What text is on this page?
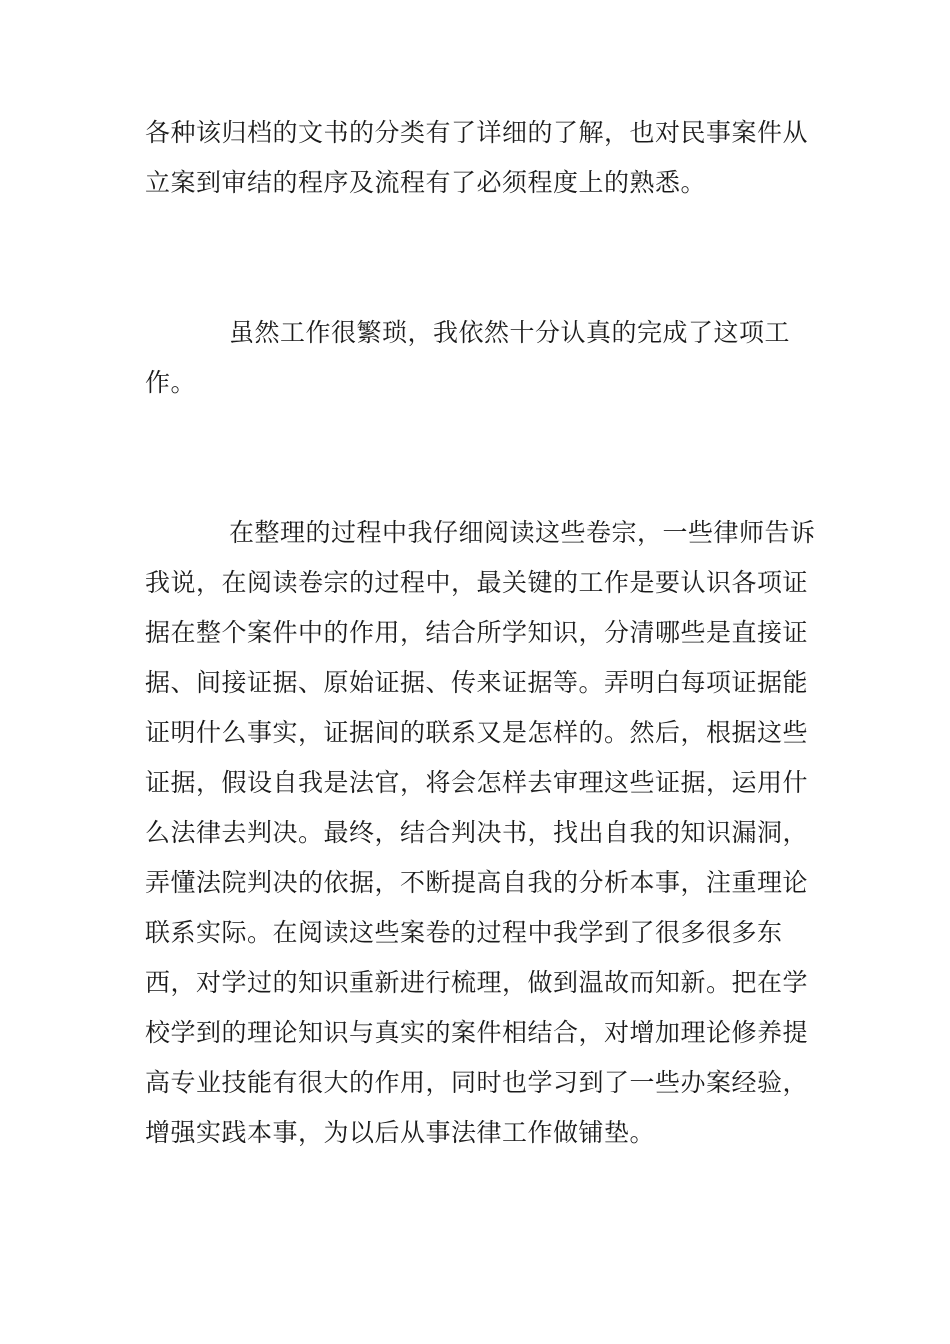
各种该归档的文书的分类有了详细的了解，也对民事案件从
立案到审结的程序及流程有了必须程度上的熟悉。
虽然工作很繁琐，我依然十分认真的完成了这项工
作。
在整理的过程中我仔细阅读这些卷宗，一些律师告诉
我说，在阅读卷宗的过程中，最关键的工作是要认识各项证
据在整个案件中的作用，结合所学知识，分清哪些是直接证
据、间接证据、原始证据、传来证据等。弄明白每项证据能
证明什么事实，证据间的联系又是怎样的。然后，根据这些
证据，假设自我是法官，将会怎样去审理这些证据，运用什
么法律去判决。最终，结合判决书，找出自我的知识漏洞，
弄懂法院判决的依据，不断提高自我的分析本事，注重理论
联系实际。在阅读这些案卷的过程中我学到了很多很多东
西，对学过的知识重新进行梳理，做到温故而知新。把在学
校学到的理论知识与真实的案件相结合，对增加理论修养提
高专业技能有很大的作用，同时也学习到了一些办案经验，
增强实践本事，为以后从事法律工作做铺垫。
